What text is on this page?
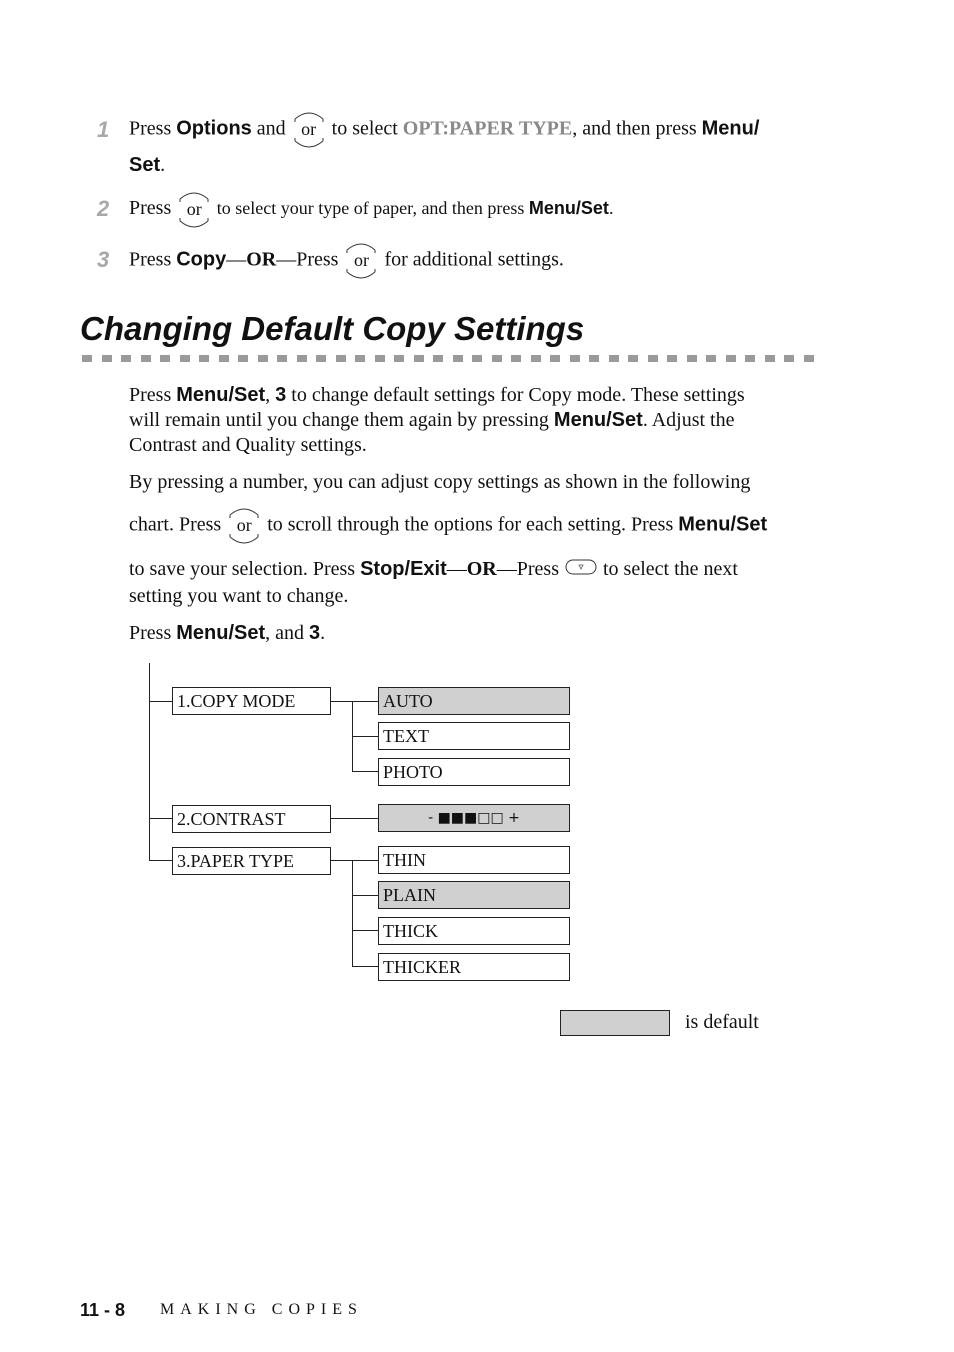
1 Press Options and or to select OPT:PAPER TYPE, and then press Menu/
Set.
2 Press or to select your type of paper, and then press Menu/Set.
3 Press Copy—OR—Press or for additional settings.
Changing Default Copy Settings
Press Menu/Set, 3 to change default settings for Copy mode. These settings
will remain until you change them again by pressing Menu/Set. Adjust the
Contrast and Quality settings.
By pressing a number, you can adjust copy settings as shown in the following
chart. Press or to scroll through the options for each setting. Press Menu/Set
to save your selection. Press Stop/Exit—OR—Press  to select the next
setting you want to change.
Press Menu/Set, and 3.
1.COPY MODE
2.CONTRAST
3.PAPER TYPE
AUTO
TEXT
PHOTO
- ■■■□□ +
THIN
PLAIN
THICK
THICKER
is default
11 - 8 MAKING COPIES
